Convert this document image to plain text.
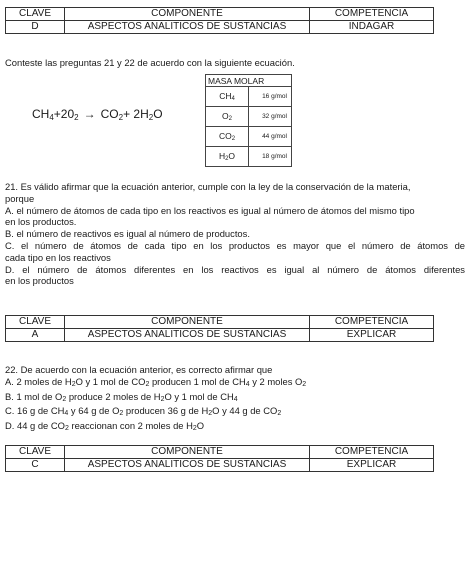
CLAVE	COMPONENTE	COMPETENCIA
D	ASPECTOS ANALITICOS DE SUSTANCIAS	INDAGAR
Conteste las preguntas 21 y 22 de acuerdo con la siguiente ecuación.
$CH_4+20_2 \to CO_2+ 2H_2O$
MASA MOLAR	
$CH_4$	16 g/mol
$O_2$	32 g/mol
$CO_2$	44 g/mol
$H_2O$	18 g/mol
21. Es válido afirmar que la ecuación anterior, cumple con la ley de la conservación de la materia,
porque
A. el número de átomos de cada tipo en los reactivos es igual al número de átomos del mismo tipo
en los productos.
B. el número de reactivos es igual al número de productos.
C. el número de átomos de cada tipo en los productos es mayor que el número de átomos de
cada tipo en los reactivos
D. el número de átomos diferentes en los reactivos es igual al número de átomos diferentes
en los productos
CLAVE	COMPONENTE	COMPETENCIA
A	ASPECTOS ANALITICOS DE SUSTANCIAS	EXPLICAR
22. De acuerdo con la ecuación anterior, es correcto afirmar que
A. 2 moles de $H_2O$ y 1 mol de $CO_2$ producen 1 mol de $CH_4$ y 2 moles $O_2$
B. 1 mol de $O_2$ produce 2 moles de $H_2O$ y 1 mol de $CH_4$
C. 16 g de $CH_4$ y 64 g de $O_2$ producen 36 g de $H_2O$ y 44 g de $CO_2$
D. 44 g de $CO_2$ reaccionan con 2 moles de $H_2O$
CLAVE	COMPONENTE	COMPETENCIA
C	ASPECTOS ANALITICOS DE SUSTANCIAS	EXPLICAR
